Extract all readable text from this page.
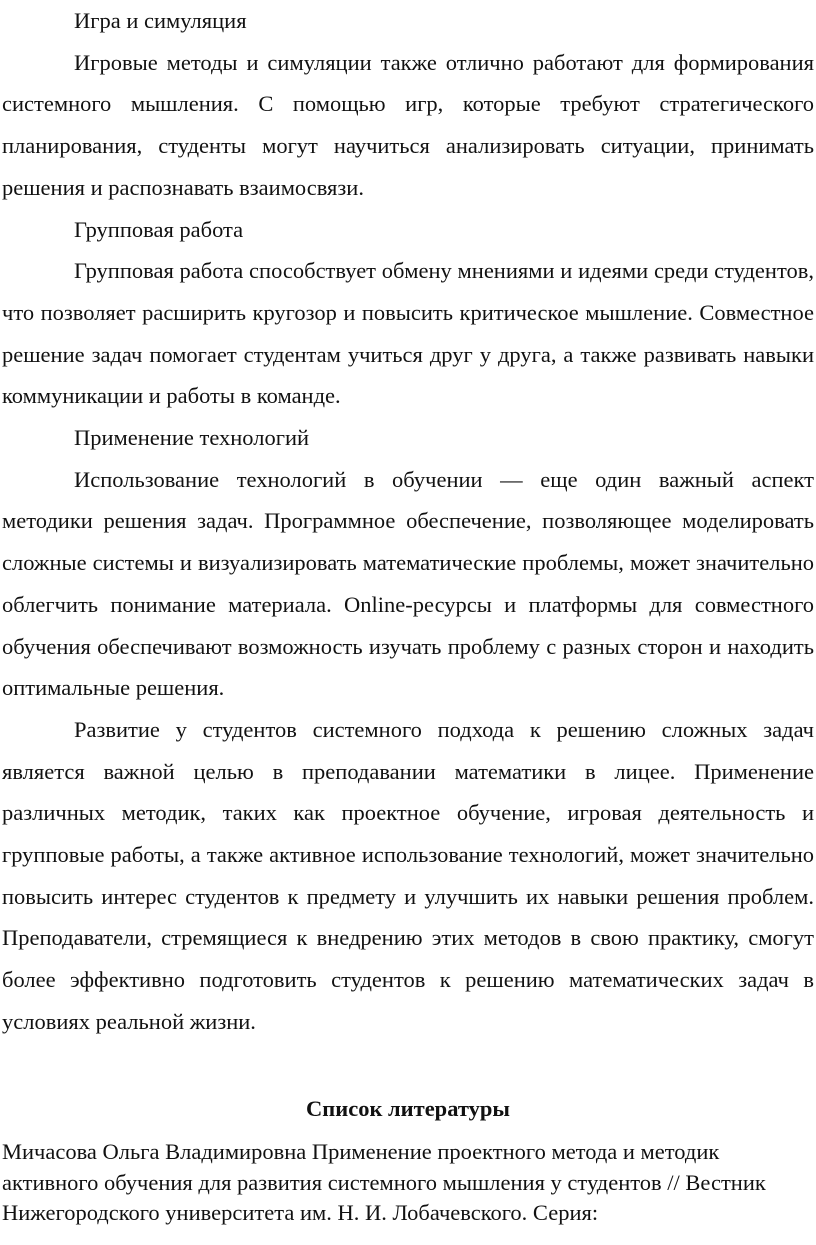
Игра и симуляция

Игровые методы и симуляции также отлично работают для формирования системного мышления. С помощью игр, которые требуют стратегического планирования, студенты могут научиться анализировать ситуации, принимать решения и распознавать взаимосвязи.

Групповая работа

Групповая работа способствует обмену мнениями и идеями среди студентов, что позволяет расширить кругозор и повысить критическое мышление. Совместное решение задач помогает студентам учиться друг у друга, а также развивать навыки коммуникации и работы в команде.

Применение технологий

Использование технологий в обучении — еще один важный аспект методики решения задач. Программное обеспечение, позволяющее моделировать сложные системы и визуализировать математические проблемы, может значительно облегчить понимание материала. Online-ресурсы и платформы для совместного обучения обеспечивают возможность изучать проблему с разных сторон и находить оптимальные решения.

Развитие у студентов системного подхода к решению сложных задач является важной целью в преподавании математики в лицее. Применение различных методик, таких как проектное обучение, игровая деятельность и групповые работы, а также активное использование технологий, может значительно повысить интерес студентов к предмету и улучшить их навыки решения проблем. Преподаватели, стремящиеся к внедрению этих методов в свою практику, смогут более эффективно подготовить студентов к решению математических задач в условиях реальной жизни.

Список литературы

Мичасова Ольга Владимировна Применение проектного метода и методик активного обучения для развития системного мышления у студентов // Вестник Нижегородского университета им. Н. И. Лобачевского. Серия:
